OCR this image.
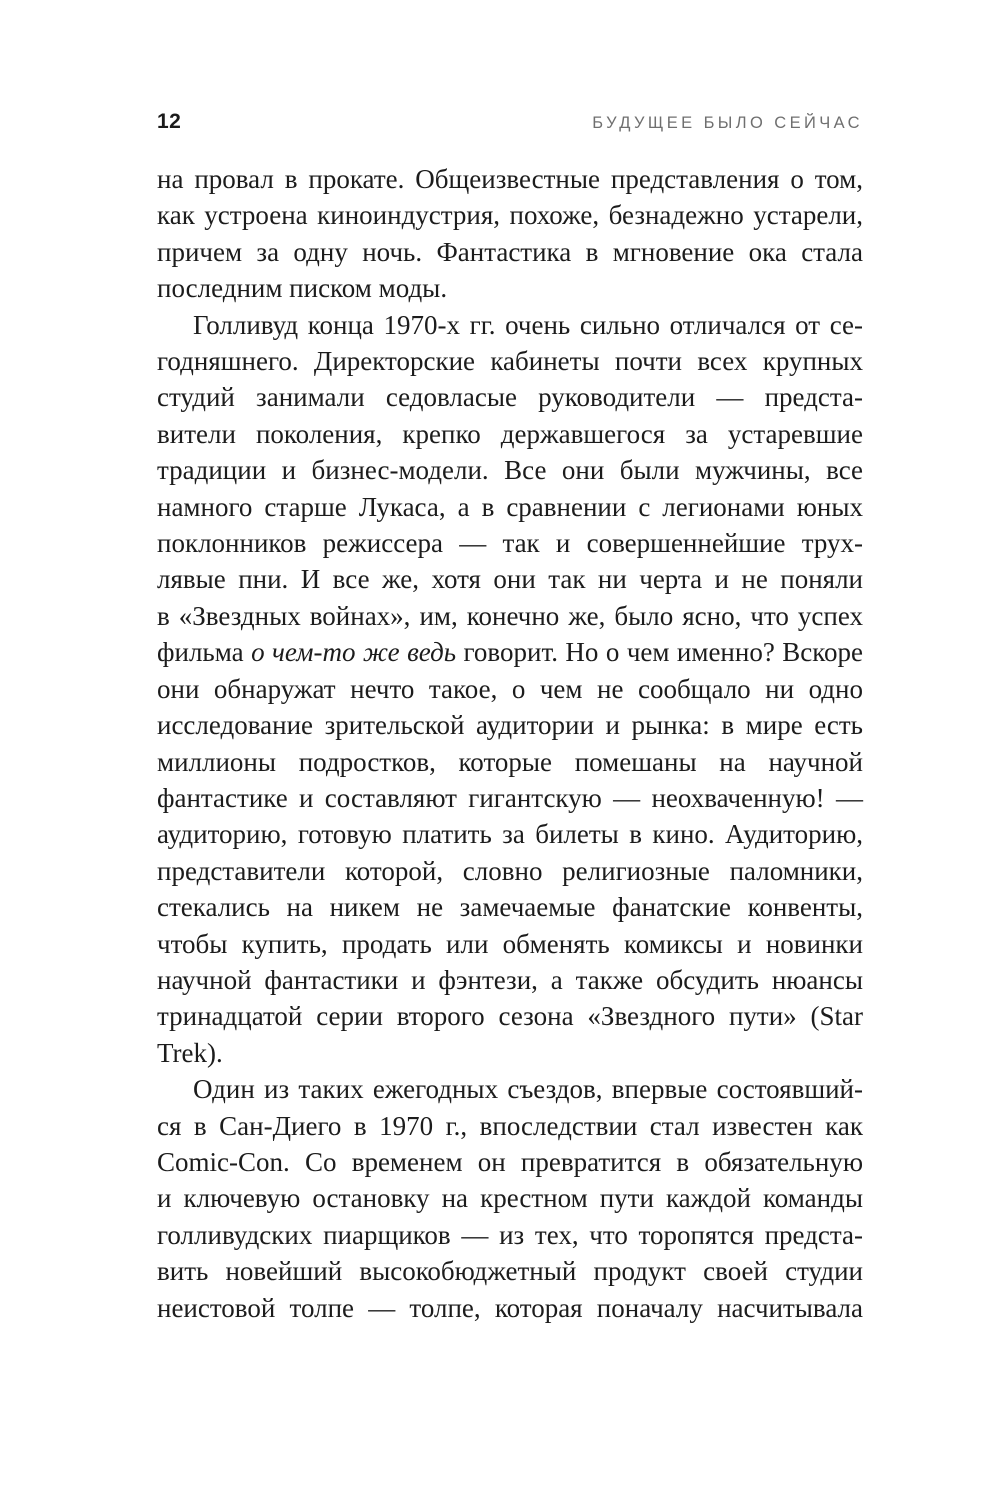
12	БУДУЩЕЕ БЫЛО СЕЙЧАС
на провал в прокате. Общеизвестные представления о том,
как устроена киноиндустрия, похоже, безнадежно устарели,
причем за одну ночь. Фантастика в мгновение ока стала
последним писком моды.
Голливуд конца 1970-х гг. очень сильно отличался от се-
годняшнего. Директорские кабинеты почти всех крупных
студий занимали седовласые руководители — предста-
вители поколения, крепко державшегося за устаревшие
традиции и бизнес-модели. Все они были мужчины, все
намного старше Лукаса, а в сравнении с легионами юных
поклонников режиссера — так и совершеннейшие трух-
лявые пни. И все же, хотя они так ни черта и не поняли
в «Звездных войнах», им, конечно же, было ясно, что успех
фильма о чем-то же ведь говорит. Но о чем именно? Вскоре
они обнаружат нечто такое, о чем не сообщало ни одно
исследование зрительской аудитории и рынка: в мире есть
миллионы подростков, которые помешаны на научной
фантастике и составляют гигантскую — неохваченную! —
аудиторию, готовую платить за билеты в кино. Аудиторию,
представители которой, словно религиозные паломники,
стекались на никем не замечаемые фанатские конвенты,
чтобы купить, продать или обменять комиксы и новинки
научной фантастики и фэнтези, а также обсудить нюансы
тринадцатой серии второго сезона «Звездного пути» (Star
Trek).
Один из таких ежегодных съездов, впервые состоявший-
ся в Сан-Диего в 1970 г., впоследствии стал известен как
Comic-Con. Со временем он превратится в обязательную
и ключевую остановку на крестном пути каждой команды
голливудских пиарщиков — из тех, что торопятся предста-
вить новейший высокобюджетный продукт своей студии
неистовой толпе — толпе, которая поначалу насчитывала
